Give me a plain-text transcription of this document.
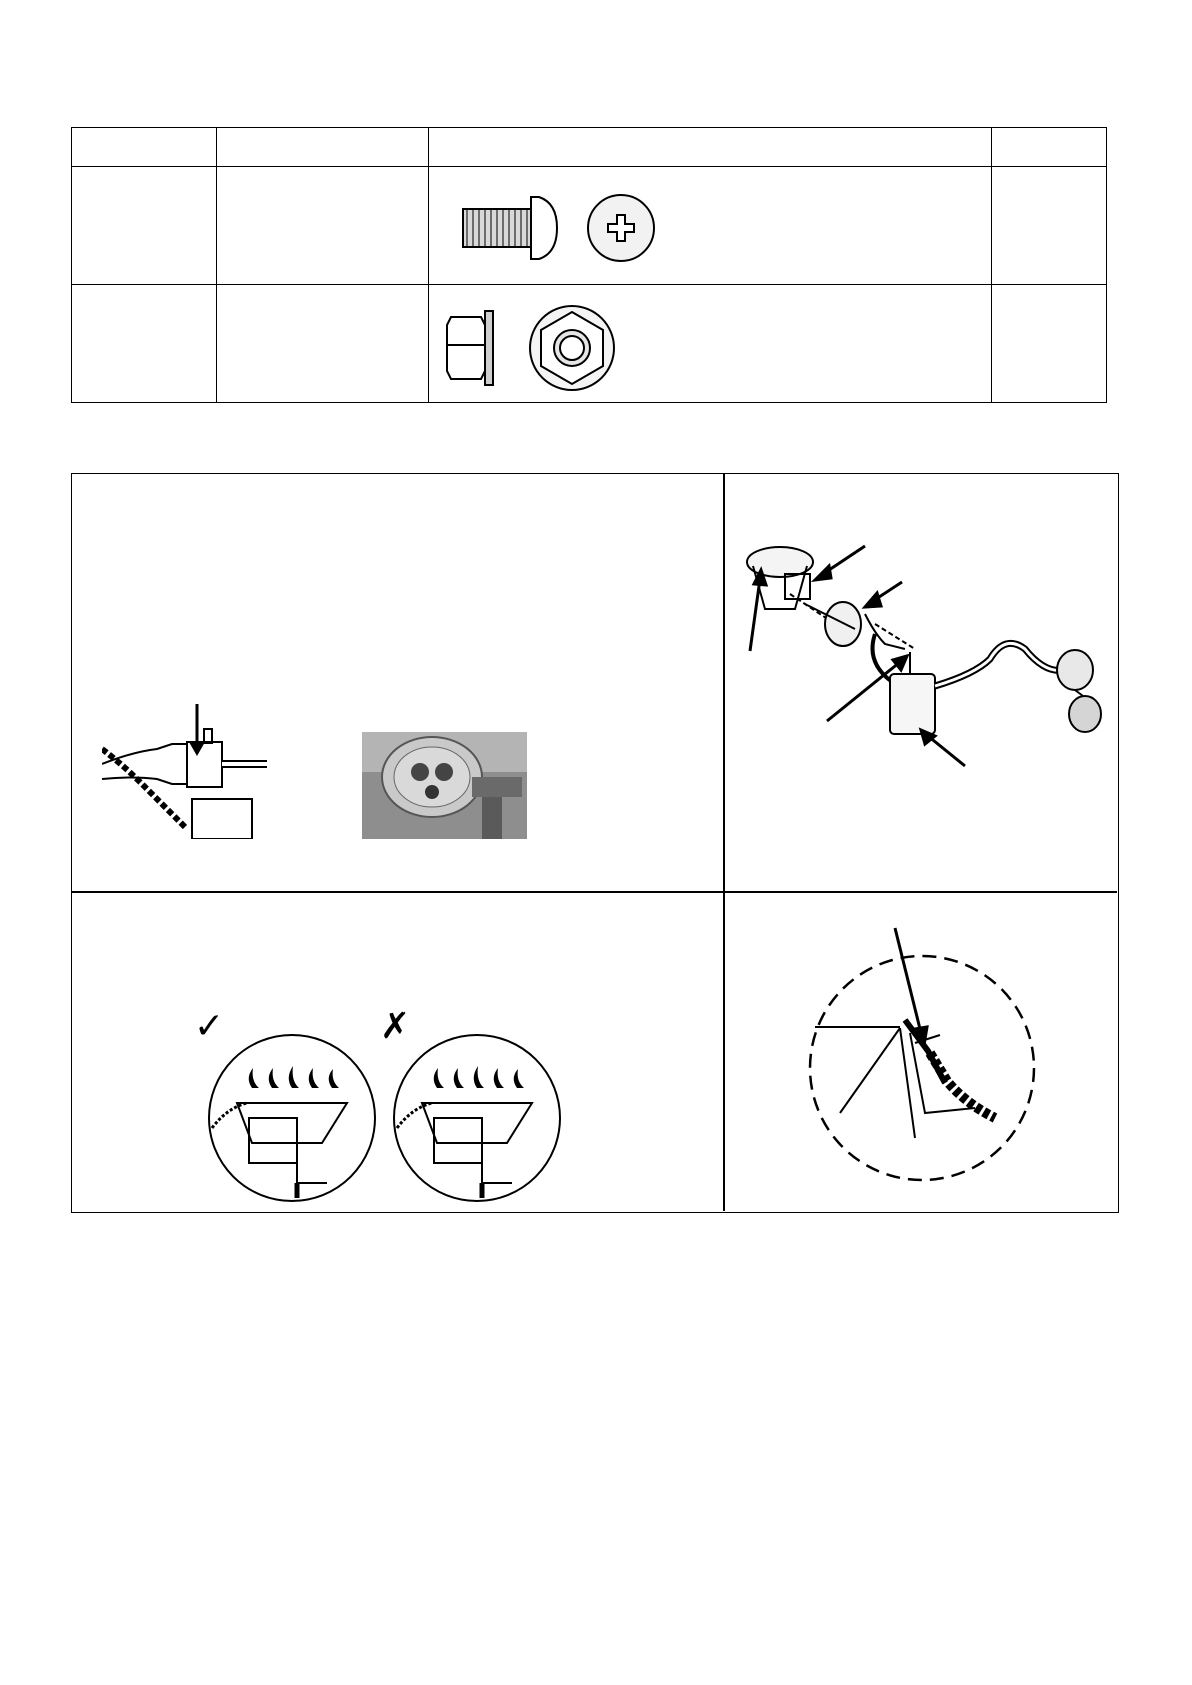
✓	✗
